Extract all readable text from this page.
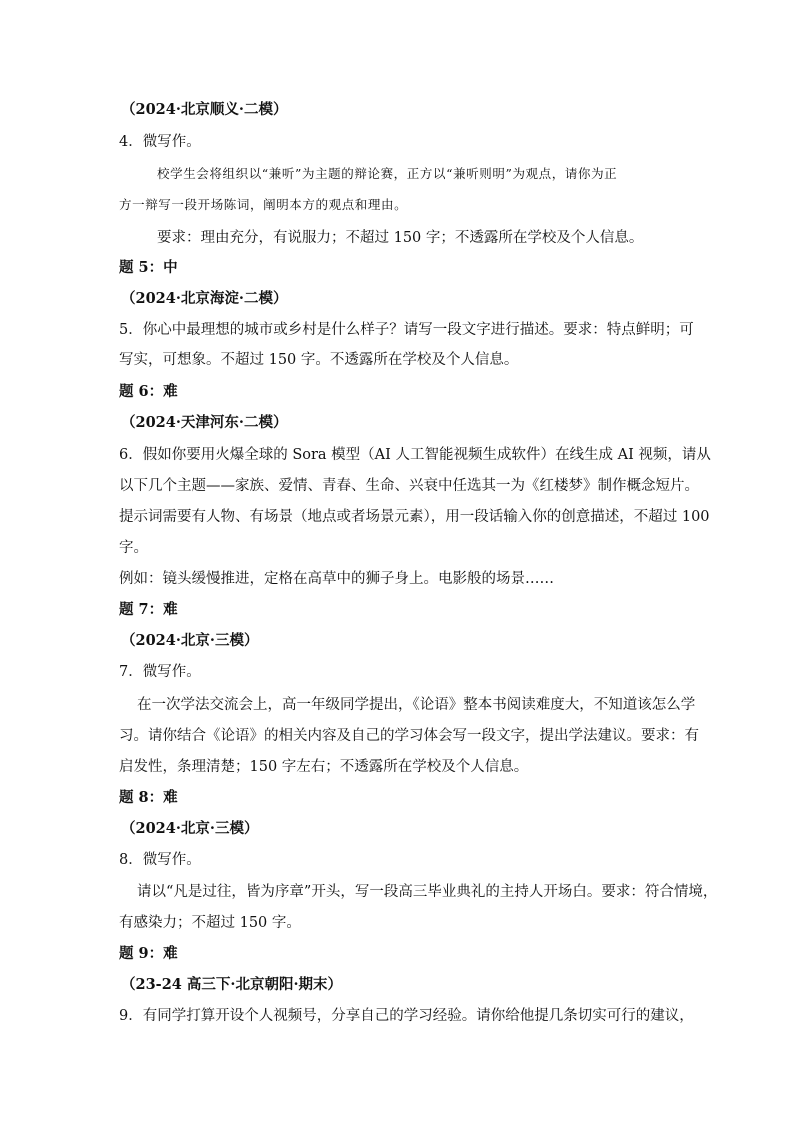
（2024·北京顺义·二模）
4．微写作。
校学生会将组织以“兼听”为主题的辩论赛，正方以“兼听则明”为观点，请你为正
方一辩写一段开场陈词，阐明本方的观点和理由。
要求：理由充分，有说服力；不超过 150 字；不透露所在学校及个人信息。
题 5：中
（2024·北京海淀·二模）
5．你心中最理想的城市或乡村是什么样子？请写一段文字进行描述。要求：特点鲜明；可
写实，可想象。不超过 150 字。不透露所在学校及个人信息。
题 6：难
（2024·天津河东·二模）
6．假如你要用火爆全球的 Sora 模型（AI 人工智能视频生成软件）在线生成 AI 视频，请从
以下几个主题——家族、爱情、青春、生命、兴衰中任选其一为《红楼梦》制作概念短片。
提示词需要有人物、有场景（地点或者场景元素），用一段话输入你的创意描述，不超过 100
字。
例如：镜头缓慢推进，定格在高草中的狮子身上。电影般的场景……
题 7：难
（2024·北京·三模）
7．微写作。
在一次学法交流会上，高一年级同学提出，《论语》整本书阅读难度大，不知道该怎么学
习。请你结合《论语》的相关内容及自己的学习体会写一段文字，提出学法建议。要求：有
启发性，条理清楚；150 字左右；不透露所在学校及个人信息。
题 8：难
（2024·北京·三模）
8．微写作。
请以“凡是过往，皆为序章”开头，写一段高三毕业典礼的主持人开场白。要求：符合情境，
有感染力；不超过 150 字。
题 9：难
（23-24 高三下·北京朝阳·期末）
9．有同学打算开设个人视频号，分享自己的学习经验。请你给他提几条切实可行的建议，
